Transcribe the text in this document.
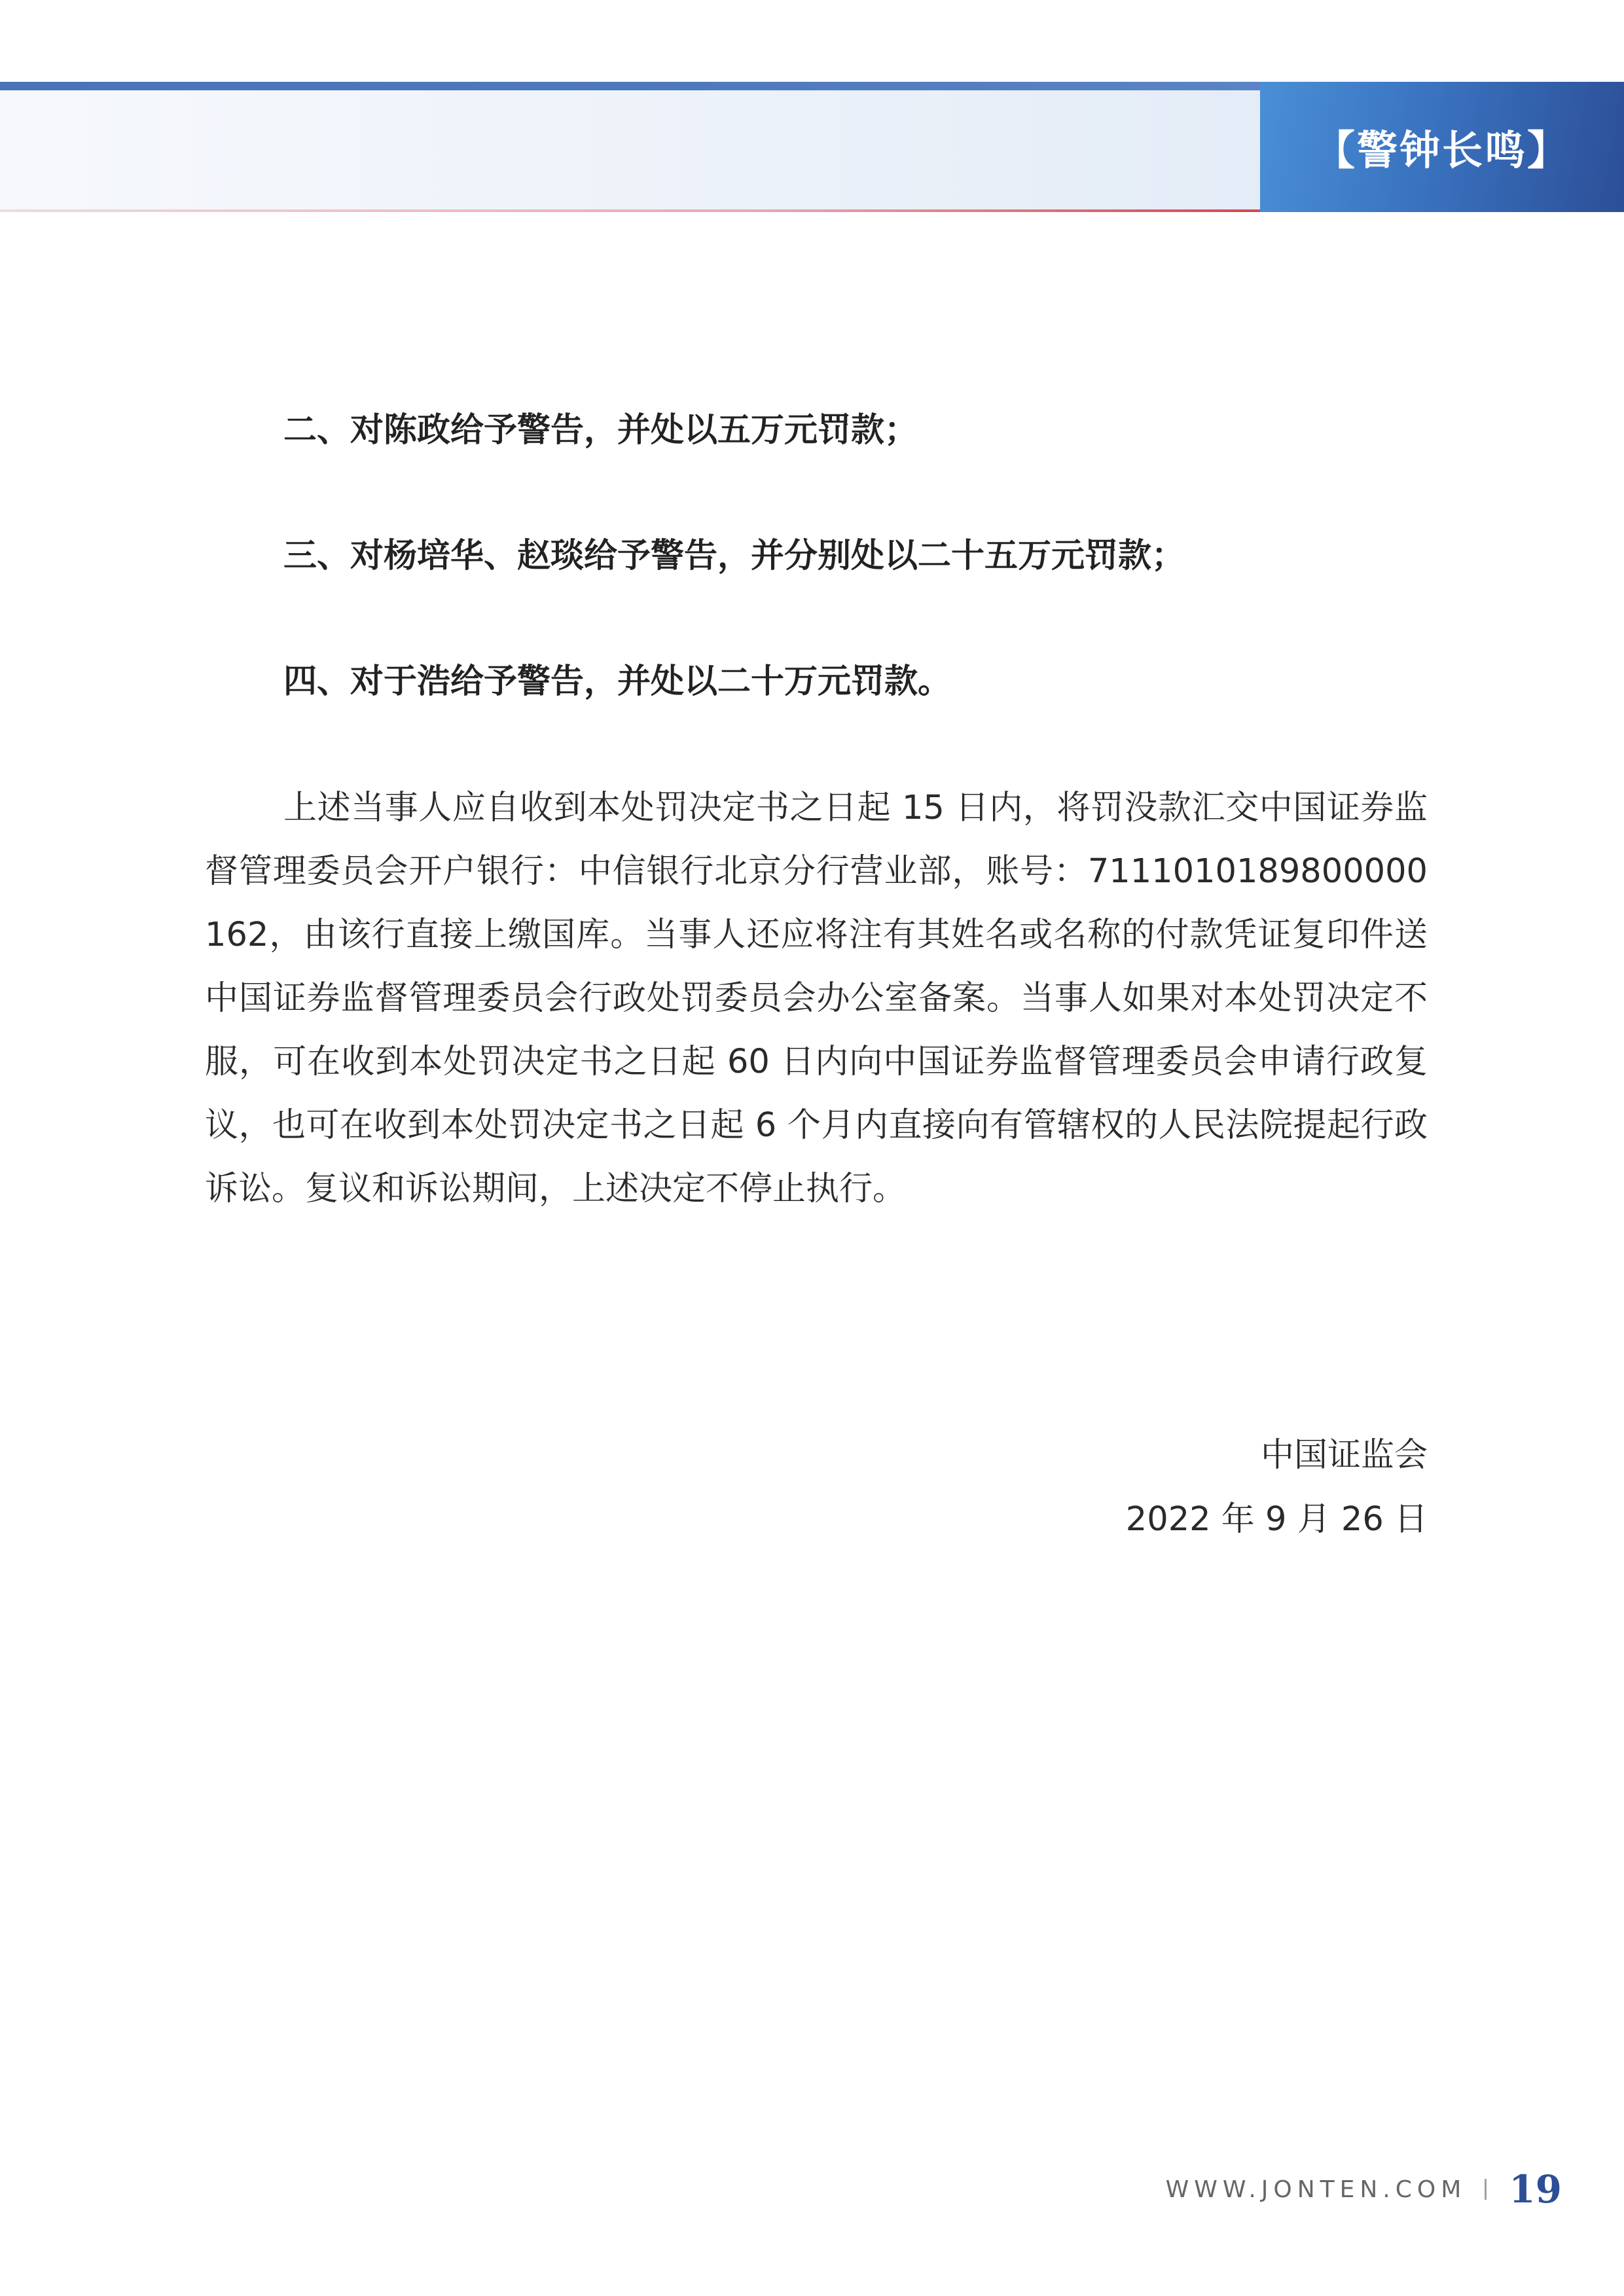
【警钟长鸣】

二、对陈政给予警告，并处以五万元罚款；

三、对杨培华、赵琰给予警告，并分别处以二十五万元罚款；

四、对于浩给予警告，并处以二十万元罚款。

上述当事人应自收到本处罚决定书之日起 15 日内，将罚没款汇交中国证券监督管理委员会开户银行：中信银行北京分行营业部，账号：7111010189800000162，由该行直接上缴国库。当事人还应将注有其姓名或名称的付款凭证复印件送中国证券监督管理委员会行政处罚委员会办公室备案。当事人如果对本处罚决定不服，可在收到本处罚决定书之日起 60 日内向中国证券监督管理委员会申请行政复议，也可在收到本处罚决定书之日起 6 个月内直接向有管辖权的人民法院提起行政诉讼。复议和诉讼期间，上述决定不停止执行。

中国证监会
2022 年 9 月 26 日
WWW.JONTEN.COM 19
